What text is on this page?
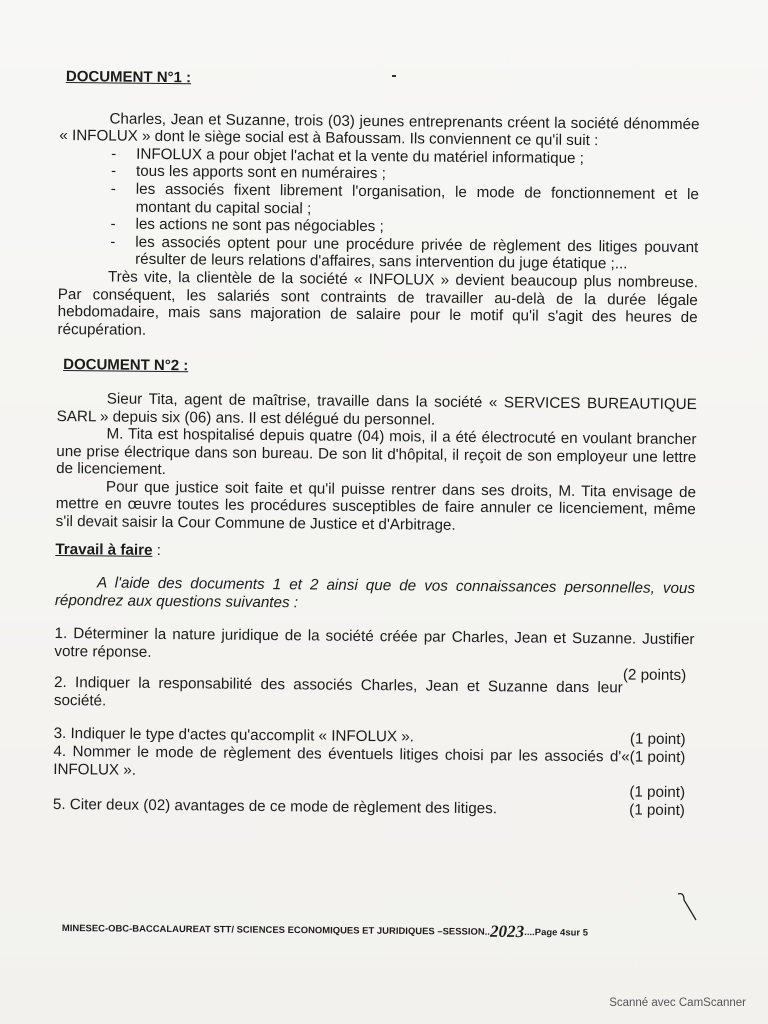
DOCUMENT N°1 :

Charles, Jean et Suzanne, trois (03) jeunes entreprenants créent la société dénommée « INFOLUX » dont le siège social est à Bafoussam. Ils conviennent ce qu'il suit :

- INFOLUX a pour objet l'achat et la vente du matériel informatique ;
- tous les apports sont en numéraires ;
- les associés fixent librement l'organisation, le mode de fonctionnement et le montant du capital social ;
- les actions ne sont pas négociables ;
- les associés optent pour une procédure privée de règlement des litiges pouvant résulter de leurs relations d'affaires, sans intervention du juge étatique ;...

Très vite, la clientèle de la société « INFOLUX » devient beaucoup plus nombreuse. Par conséquent, les salariés sont contraints de travailler au-delà de la durée légale hebdomadaire, mais sans majoration de salaire pour le motif qu'il s'agit des heures de récupération.

DOCUMENT N°2 :

Sieur Tita, agent de maîtrise, travaille dans la société « SERVICES BUREAUTIQUE SARL » depuis six (06) ans. Il est délégué du personnel.

M. Tita est hospitalisé depuis quatre (04) mois, il a été électrocuté en voulant brancher une prise électrique dans son bureau. De son lit d'hôpital, il reçoit de son employeur une lettre de licenciement.

Pour que justice soit faite et qu'il puisse rentrer dans ses droits, M. Tita envisage de mettre en œuvre toutes les procédures susceptibles de faire annuler ce licenciement, même s'il devait saisir la Cour Commune de Justice et d'Arbitrage.

Travail à faire :

A l'aide des documents 1 et 2 ainsi que de vos connaissances personnelles, vous répondrez aux questions suivantes :

1. Déterminer la nature juridique de la société créée par Charles, Jean et Suzanne. Justifier votre réponse.

(2 points)

2. Indiquer la responsabilité des associés Charles, Jean et Suzanne dans leur société.

(1 point)

3. Indiquer le type d'actes qu'accomplit « INFOLUX ».

(1 point)

4. Nommer le mode de règlement des éventuels litiges choisi par les associés d'« INFOLUX ».

(1 point)
(1 point)

5. Citer deux (02) avantages de ce mode de règlement des litiges.

MINESEC-OBC-BACCALAUREAT STT/ SCIENCES ECONOMIQUES ET JURIDIQUES –SESSION..2023....Page 4sur 5
Scanné avec CamScanner
